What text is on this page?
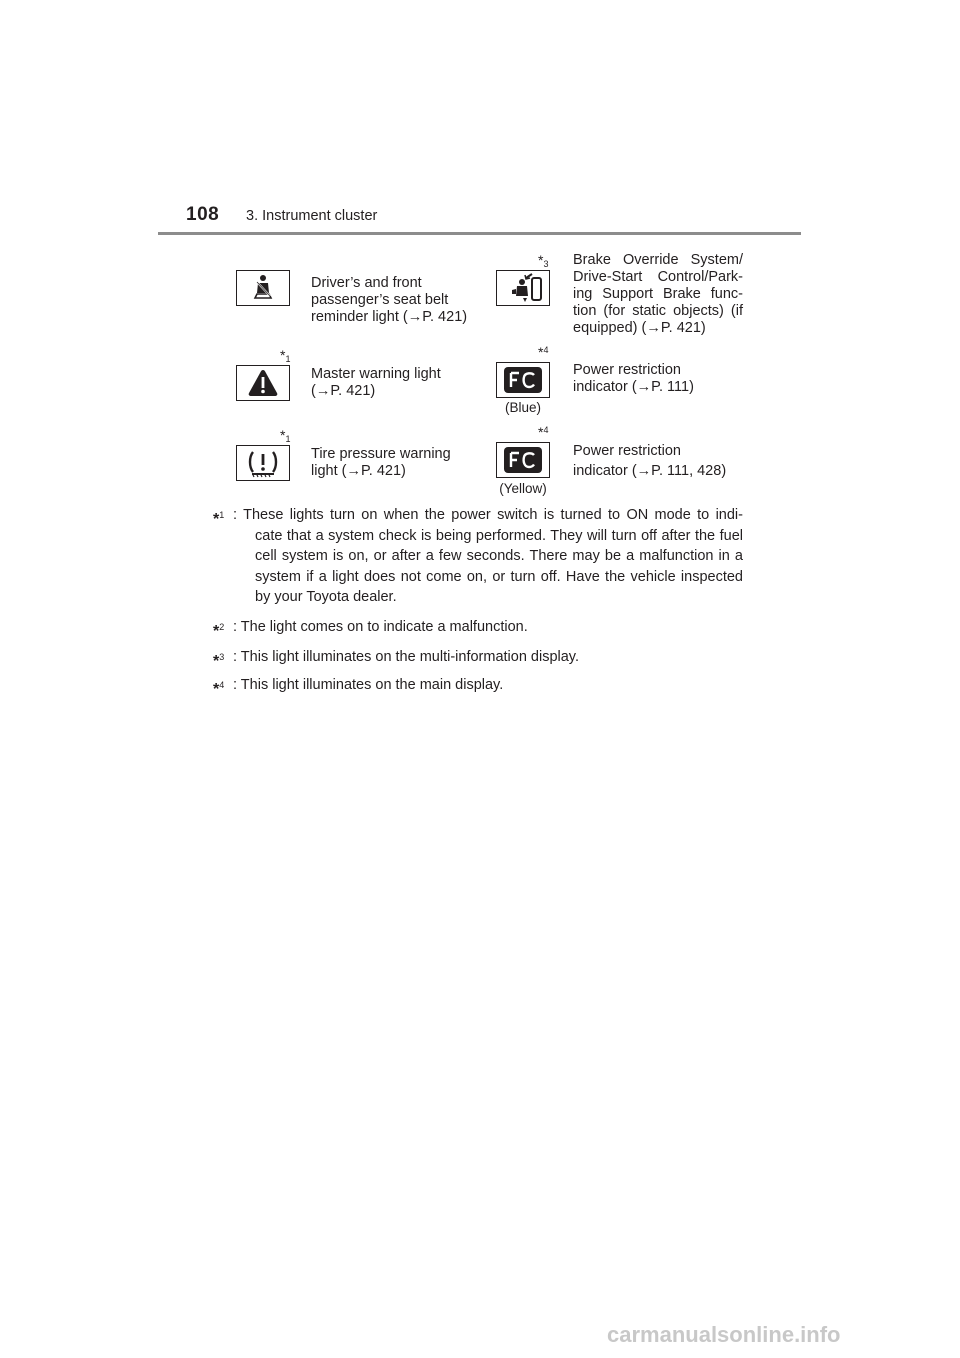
108 3. Instrument cluster
Driver’s and front
passenger’s seat belt
reminder light (→P. 421)
$*_3$ Brake Override System/
Drive-Start Control/Park-
ing Support Brake func-
tion (for static objects) (if
equipped) (→P. 421)
$*_1$
Master warning light
(→P. 421)
*$^4$
(Blue)
Power restriction
indicator (→P. 111)
$*_1$
Tire pressure warning
light (→P. 421)
*$^4$
(Yellow)
Power restriction
indicator (→P. 111, 428)
*$^1$ : These lights turn on when the power switch is turned to ON mode to indi-
cate that a system check is being performed. They will turn off after the fuel
cell system is on, or after a few seconds. There may be a malfunction in a
system if a light does not come on, or turn off. Have the vehicle inspected
by your Toyota dealer.
*$^2$ : The light comes on to indicate a malfunction.
*$^3$ : This light illuminates on the multi-information display.
*$^4$ : This light illuminates on the main display.
carmanualsonline.info
